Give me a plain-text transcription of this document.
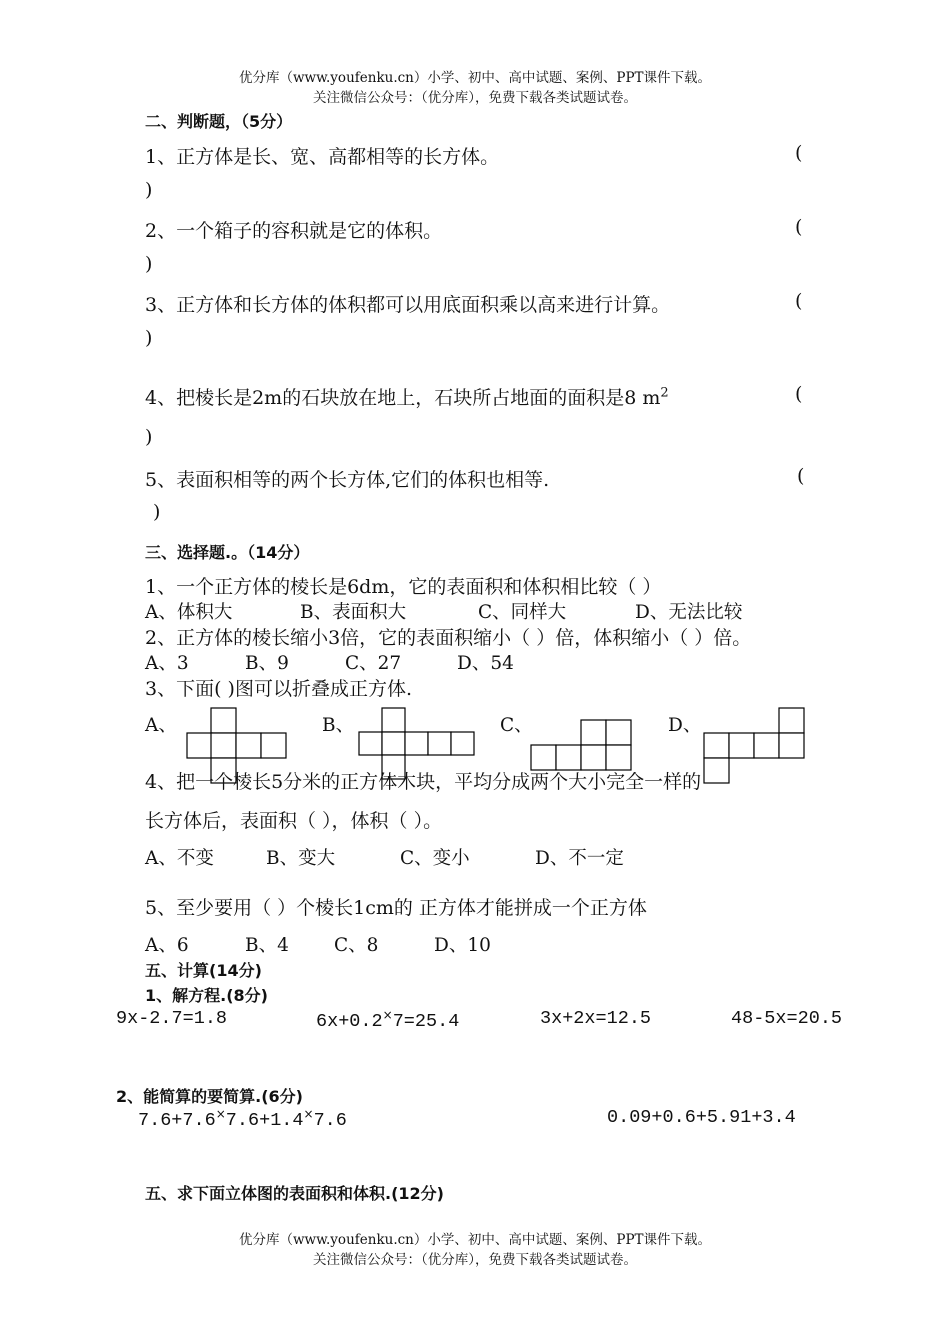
优分库（www.youfenku.cn）小学、初中、高中试题、案例、PPT课件下载。
关注微信公众号：（优分库），免费下载各类试题试卷。
二、判断题，（5分）
1、正方体是长、宽、高都相等的长方体。	(
)
2、一个箱子的容积就是它的体积。	(
)
3、正方体和长方体的体积都可以用底面积乘以高来进行计算。	(
)
4、把棱长是2m的石块放在地上，石块所占地面的面积是8 $m^2$	(
)
5、表面积相等的两个长方体,它们的体积也相等.	(
)
三、选择题.。（14分）
1、一个正方体的棱长是6dm，它的表面积和体积相比较（ ）
A、体积大	B、表面积大	C、同样大	D、无法比较
2、正方体的棱长缩小3倍，它的表面积缩小（ ）倍，体积缩小（ ）倍。
A、3	B、9	C、27	D、54
3、下面( )图可以折叠成正方体.
A、	B、	C、	D、
4、把一个棱长5分米的正方体木块，平均分成两个大小完全一样的
长方体后，表面积（ ），体积（ ）。
A、不变	B、变大	C、变小	D、不一定
5、至少要用（ ）个棱长1cm的 正方体才能拼成一个正方体
A、6	B、4 C、8	D、10
五、计算(14分)
1、解方程.(8分)
9x-2.7=1.8	6x+0.2×7=25.4	3x+2x=12.5	48-5x=20.5
2、能简算的要简算.(6分)
7.6+7.6×7.6+1.4×7.6	0.09+0.6+5.91+3.4
五、求下面立体图的表面积和体积.(12分)
优分库（www.youfenku.cn）小学、初中、高中试题、案例、PPT课件下载。
关注微信公众号：（优分库），免费下载各类试题试卷。
